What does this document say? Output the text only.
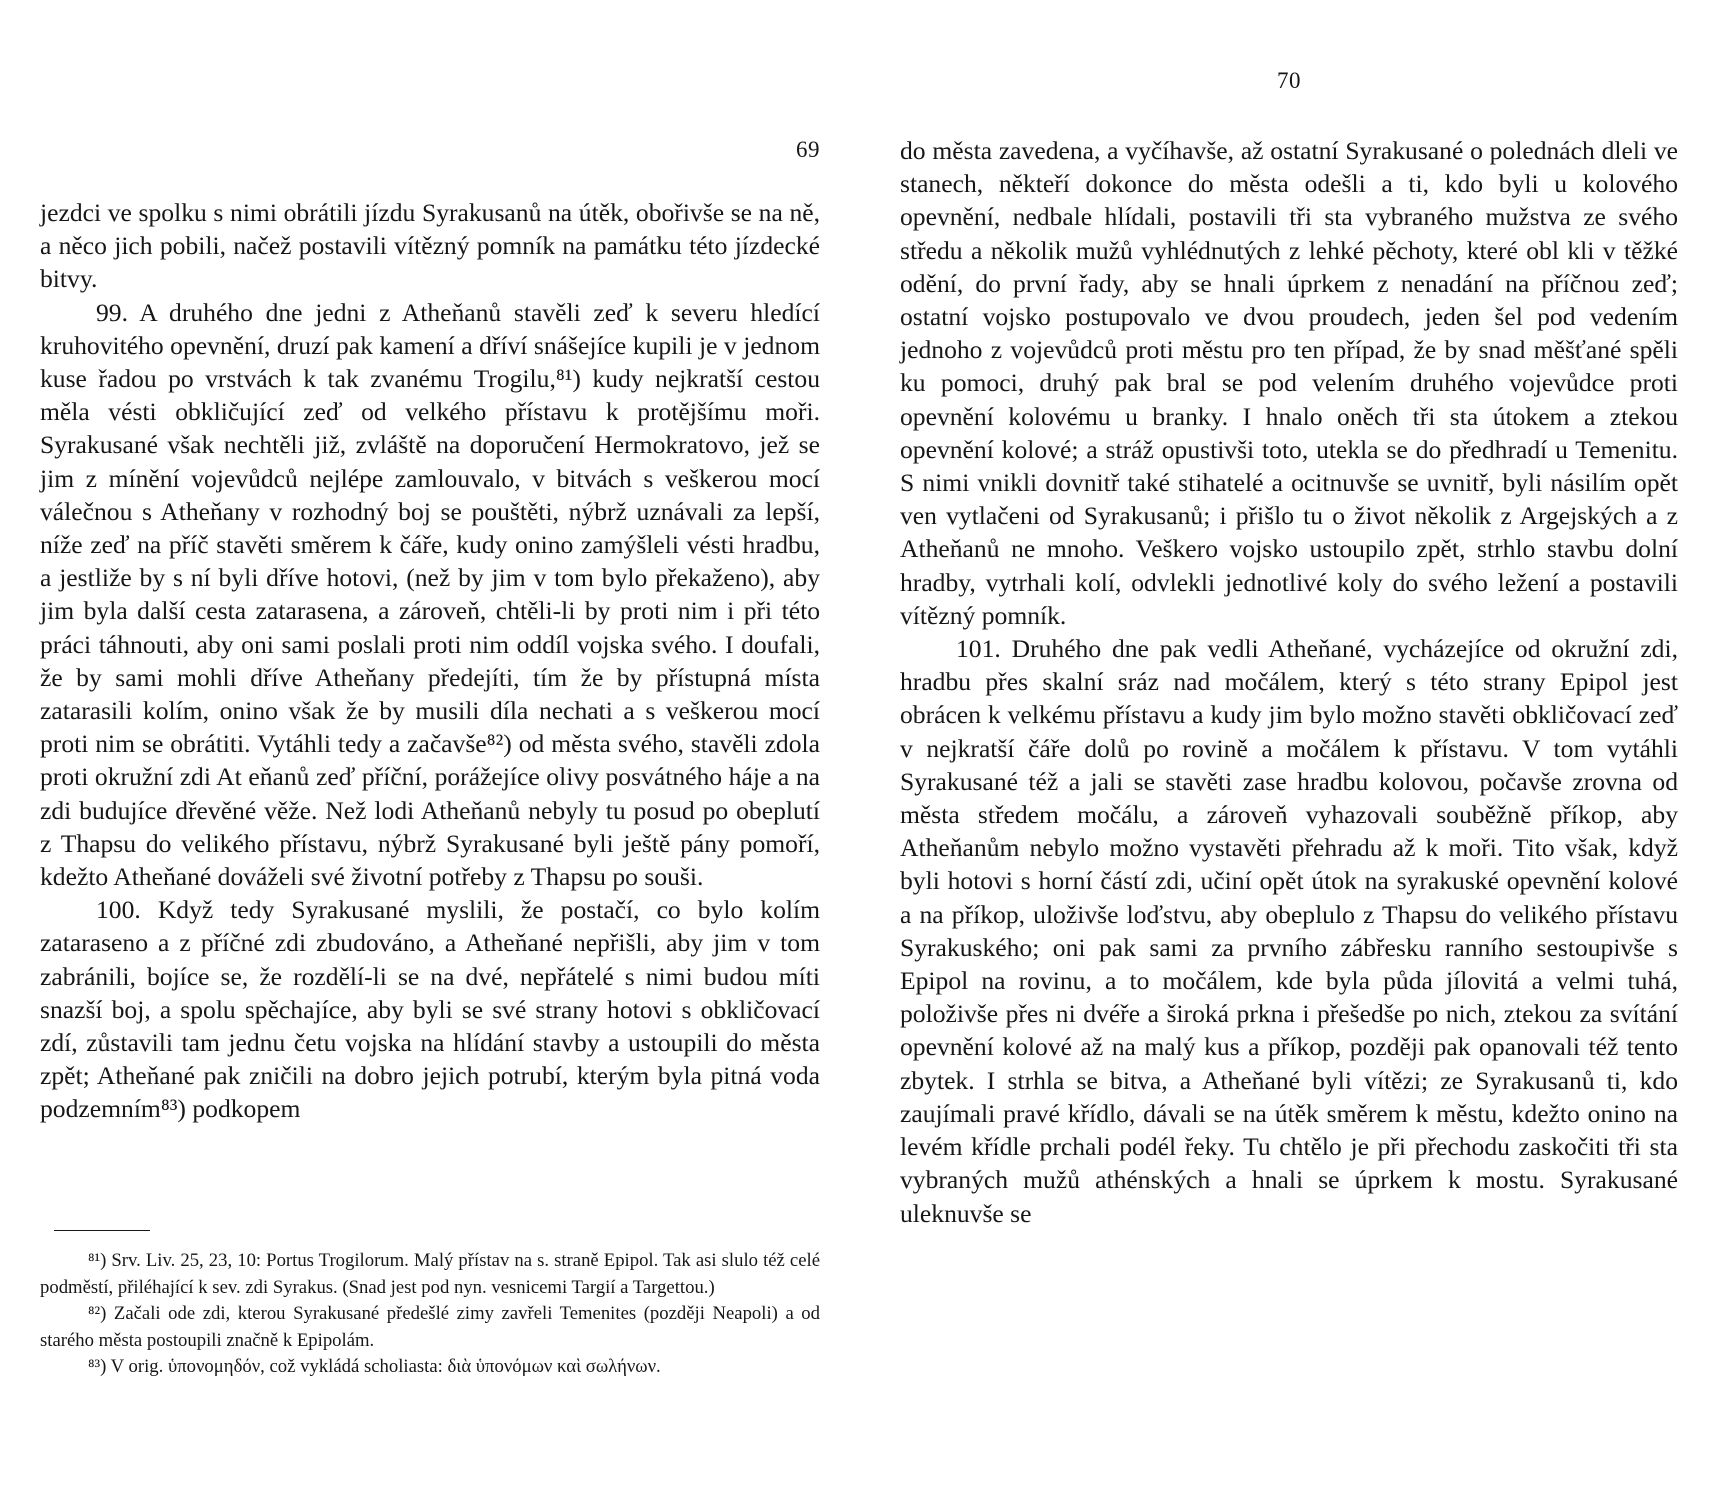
69

jezdci ve spolku s nimi obrátili jízdu Syrakusanů na útěk, obořivše se na ně, a něco jich pobili, načež postavili vítězný pomník na památku této jízdecké bitvy.

99. A druhého dne jedni z Atheňanů stavěli zeď k severu hledící kruhovitého opevnění, druzí pak kamení a dříví snášejíce kupili je v jednom kuse řadou po vrstvách k tak zvanému Trogilu,⁸¹) kudy nejkratší cestou měla vésti obkličující zeď od velkého přístavu k protějšímu moři. Syrakusané však nechtěli již, zvláště na doporučení Hermokratovo, jež se jim z mínění vojevůdců nejlépe zamlouvalo, v bitvách s veškerou mocí válečnou s Atheňany v rozhodný boj se pouštěti, nýbrž uznávali za lepší, níže zeď na příč stavěti směrem k čáře, kudy onino zamýšleli vésti hradbu, a jestliže by s ní byli dříve hotovi, (než by jim v tom bylo překaženo), aby jim byla další cesta zatarasena, a zároveň, chtěli-li by proti nim i při této práci táhnouti, aby oni sami poslali proti nim oddíl vojska svého. I doufali, že by sami mohli dříve Atheňany předejíti, tím že by přístupná místa zatarasili kolím, onino však že by musili díla nechati a s veškerou mocí proti nim se obrátiti. Vytáhli tedy a začavše⁸²) od města svého, stavěli zdola proti okružní zdi At eňanů zeď příční, porážejíce olivy posvátného háje a na zdi budujíce dřevěné věže. Než lodi Atheňanů nebyly tu posud po obeplutí z Thapsu do velikého přístavu, nýbrž Syrakusané byli ještě pány pomoří, kdežto Atheňané dováželi své životní potřeby z Thapsu po souši.

100. Když tedy Syrakusané myslili, že postačí, co bylo kolím zataraseno a z příčné zdi zbudováno, a Atheňané nepřišli, aby jim v tom zabránili, bojíce se, že rozdělí-li se na dvé, nepřátelé s nimi budou míti snazší boj, a spolu spěchajíce, aby byli se své strany hotovi s obkličovací zdí, zůstavili tam jednu četu vojska na hlídání stavby a ustoupili do města zpět; Atheňané pak zničili na dobro jejich potrubí, kterým byla pitná voda podzemním⁸³) podkopem

⁸¹) Srv. Liv. 25, 23, 10: Portus Trogilorum. Malý přístav na s. straně Epipol. Tak asi slulo též celé podměstí, přiléhající k sev. zdi Syrakus. (Snad jest pod nyn. vesnicemi Targií a Targettou.)

⁸²) Začali ode zdi, kterou Syrakusané předešlé zimy zavřeli Temenites (později Neapoli) a od starého města postoupili značně k Epipolám.

⁸³) V orig. ὑπονομηδόν, což vykládá scholiasta: διὰ ὑπονόμων καὶ σωλήνων.

70

do města zavedena, a vyčíhavše, až ostatní Syrakusané o polednách dleli ve stanech, někteří dokonce do města odešli a ti, kdo byli u kolového opevnění, nedbale hlídali, postavili tři sta vybraného mužstva ze svého středu a několik mužů vyhlédnutých z lehké pěchoty, které obl kli v těžké odění, do první řady, aby se hnali úprkem z nenadání na příčnou zeď; ostatní vojsko postupovalo ve dvou proudech, jeden šel pod vedením jednoho z vojevůdců proti městu pro ten případ, že by snad měšťané spěli ku pomoci, druhý pak bral se pod velením druhého vojevůdce proti opevnění kolovému u branky. I hnalo oněch tři sta útokem a ztekou opevnění kolové; a stráž opustivši toto, utekla se do předhradí u Temenitu. S nimi vnikli dovnitř také stihatelé a ocitnuvše se uvnitř, byli násilím opět ven vytlačeni od Syrakusanů; i přišlo tu o život několik z Argejských a z Atheňanů ne mnoho. Veškero vojsko ustoupilo zpět, strhlo stavbu dolní hradby, vytrhali kolí, odvlekli jednotlivé koly do svého ležení a postavili vítězný pomník.

101. Druhého dne pak vedli Atheňané, vycházejíce od okružní zdi, hradbu přes skalní sráz nad močálem, který s této strany Epipol jest obrácen k velkému přístavu a kudy jim bylo možno stavěti obkličovací zeď v nejkratší čáře dolů po rovině a močálem k přístavu. V tom vytáhli Syrakusané též a jali se stavěti zase hradbu kolovou, počavše zrovna od města středem močálu, a zároveň vyhazovali souběžně příkop, aby Atheňanům nebylo možno vystavěti přehradu až k moři. Tito však, když byli hotovi s horní částí zdi, učiní opět útok na syrakuské opevnění kolové a na příkop, uloživše loďstvu, aby obeplulo z Thapsu do velikého přístavu Syrakuského; oni pak sami za prvního zábřesku ranního sestoupivše s Epipol na rovinu, a to močálem, kde byla půda jílovitá a velmi tuhá, položivše přes ni dvéře a široká prkna i přešedše po nich, ztekou za svítání opevnění kolové až na malý kus a příkop, později pak opanovali též tento zbytek. I strhla se bitva, a Atheňané byli vítězi; ze Syrakusanů ti, kdo zaujímali pravé křídlo, dávali se na útěk směrem k městu, kdežto onino na levém křídle prchali podél řeky. Tu chtělo je při přechodu zaskočiti tři sta vybraných mužů athénských a hnali se úprkem k mostu. Syrakusané uleknuvše se
